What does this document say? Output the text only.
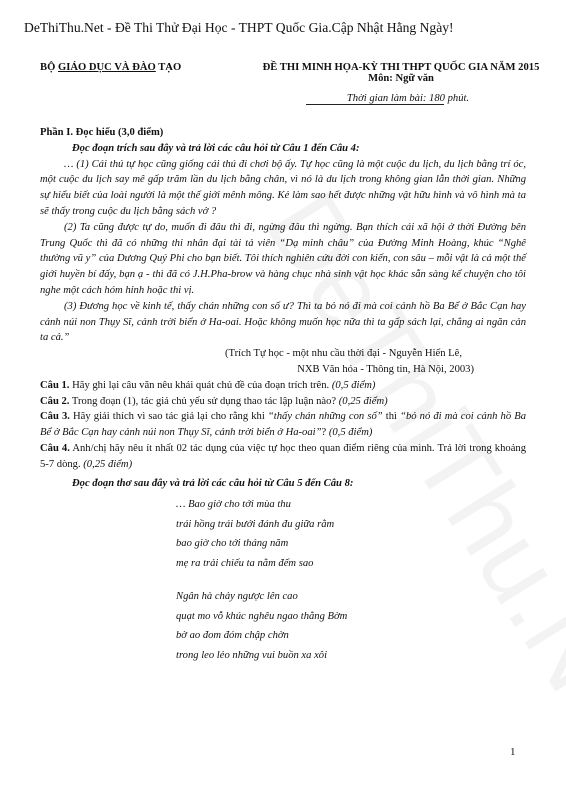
DeThiThu.Net - Đề Thi Thử Đại Học - THPT Quốc Gia.Cập Nhật Hằng Ngày!
BỘ GIÁO DỤC VÀ ĐÀO TẠO	ĐỀ THI MINH HỌA-KỲ THI THPT QUỐC GIA NĂM 2015
Môn: Ngữ văn
Thời gian làm bài: 180 phút.

Phần I. Đọc hiểu (3,0 điểm)

Đọc đoạn trích sau đây và trả lời các câu hỏi từ Câu 1 đến Câu 4:

… (1) Cái thú tự học cũng giống cái thú đi chơi bộ ấy. Tự học cũng là một cuộc du lịch, du lịch bằng trí óc, một cuộc du lịch say mê gấp trăm lần du lịch bằng chân, vì nó là du lịch trong không gian lẫn thời gian. Những sự hiểu biết của loài người là một thế giới mênh mông. Kẻ làm sao hết được những vật hữu hình và vô hình mà ta sẽ thấy trong cuộc du lịch bằng sách vở ?

(2) Ta cũng được tự do, muốn đi đâu thì đi, ngừng đâu thì ngừng. Bạn thích cái xã hội ở thời Đường bên Trung Quốc thì đã có những thi nhân đại tài tả viên “Dạ minh châu” của Đường Minh Hoàng, khúc “Nghê thường vũ y” của Dương Quý Phi cho bạn biết. Tôi thích nghiên cứu đời con kiến, con sâu – mỗi vật là cả một thế giới huyền bí đấy, bạn ạ - thì đã có J.H.Pha-brow và hàng chục nhà sinh vật học khác sẵn sàng kể chuyện cho tôi nghe một cách hóm hỉnh hoặc thi vị.

(3) Đương học về kinh tế, thấy chán những con số ư? Thì ta bỏ nó đi mà coi cảnh hồ Ba Bể ở Bắc Cạn hay cảnh núi non Thụy Sĩ, cảnh trời biển ở Ha-oai. Hoặc không muốn học nữa thì ta gấp sách lại, chẳng ai ngăn cản ta cả.”

(Trích Tự học - một nhu cầu thời đại - Nguyễn Hiến Lê,

NXB Văn hóa - Thông tin, Hà Nội, 2003)

Câu 1. Hãy ghi lại câu văn nêu khái quát chủ đề của đoạn trích trên. (0,5 điểm)

Câu 2. Trong đoạn (1), tác giả chủ yếu sử dụng thao tác lập luận nào? (0,25 điểm)

Câu 3. Hãy giải thích vì sao tác giả lại cho rằng khi “thấy chán những con số” thì “bỏ nó đi mà coi cảnh hồ Ba Bể ở Bắc Cạn hay cảnh núi non Thụy Sĩ, cảnh trời biển ở Ha-oai”? (0,5 điểm)

Câu 4. Anh/chị hãy nêu ít nhất 02 tác dụng của việc tự học theo quan điểm riêng của mình. Trả lời trong khoảng 5-7 dòng. (0,25 điểm)

Đọc đoạn thơ sau đây và trả lời các câu hỏi từ Câu 5 đến Câu 8:

… Bao giờ cho tới mùa thu
trái hồng trái bưởi đánh đu giữa rằm
bao giờ cho tới tháng năm
mẹ ra trải chiếu ta nằm đếm sao
Ngân hà chảy ngược lên cao
quạt mo vỗ khúc nghêu ngao thằng Bờm
bờ ao đom đóm chập chờn
trong leo lẻo những vui buồn xa xôi
1
